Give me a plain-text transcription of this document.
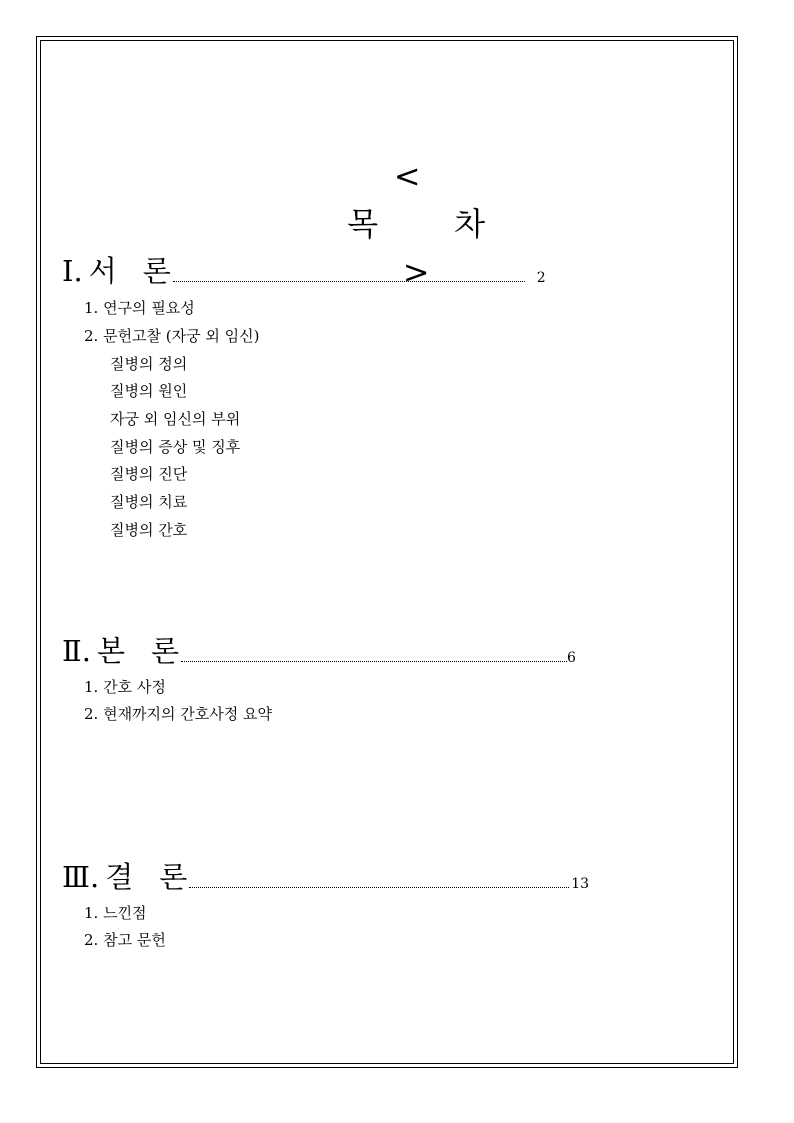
<
목 차
>

Ⅰ. 서 론	2
1. 연구의 필요성
2. 문헌고찰 (자궁 외 임신)
질병의 정의
질병의 원인
자궁 외 임신의 부위
질병의 증상 및 징후
질병의 진단
질병의 치료
질병의 간호
Ⅱ. 본 론	6
1. 간호 사정
2. 현재까지의 간호사정 요약
Ⅲ. 결 론	13
1. 느낀점
2. 참고 문헌
